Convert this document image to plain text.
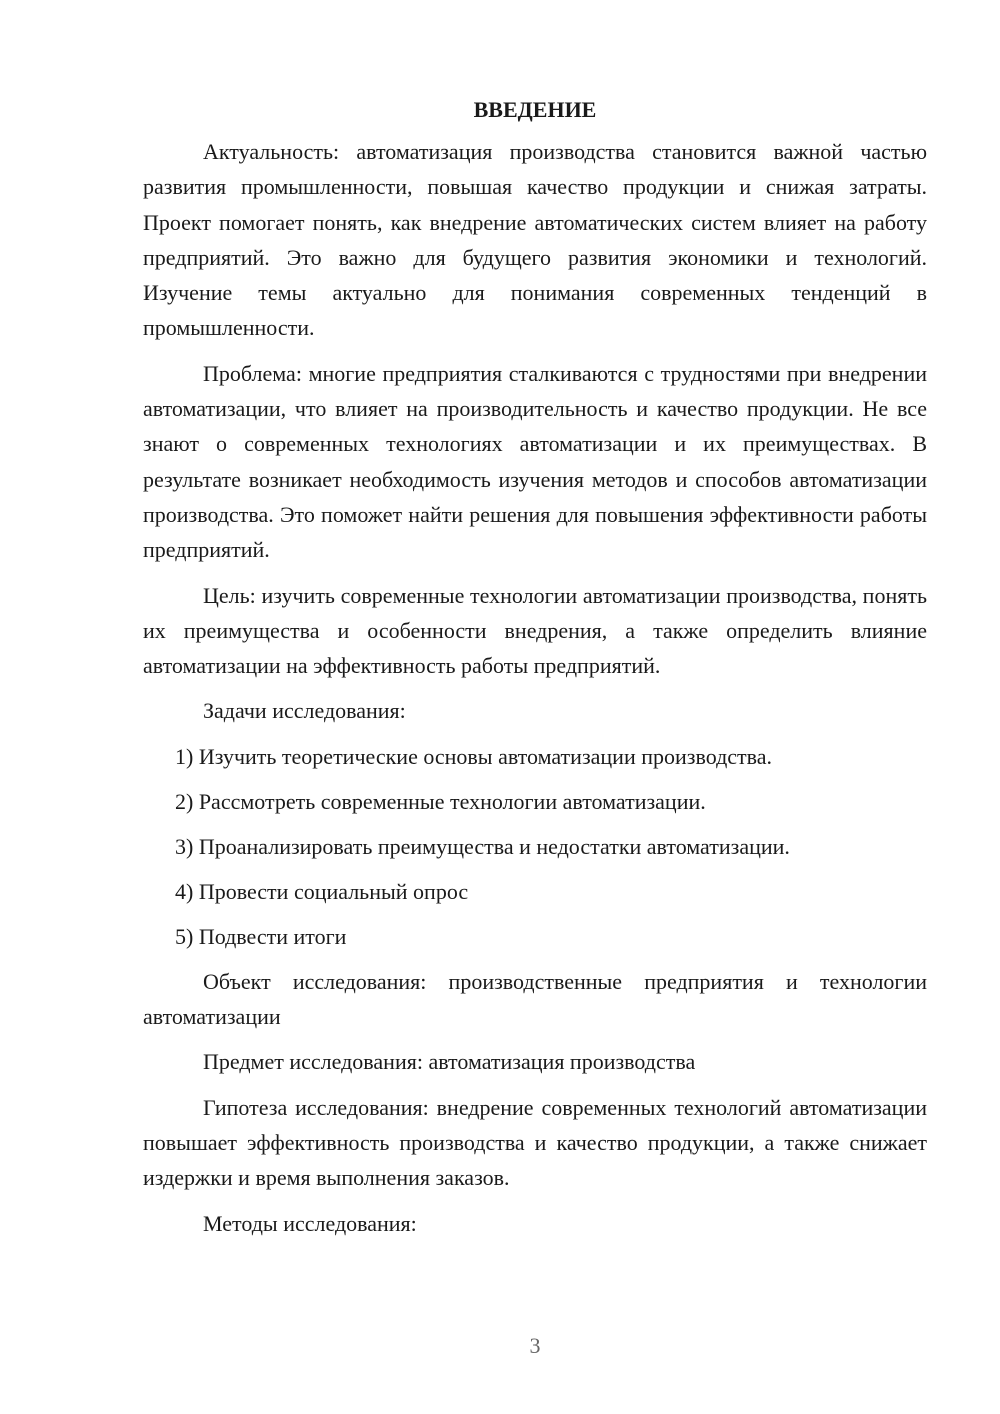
ВВЕДЕНИЕ

Актуальность: автоматизация производства становится важной частью развития промышленности, повышая качество продукции и снижая затраты. Проект помогает понять, как внедрение автоматических систем влияет на работу предприятий. Это важно для будущего развития экономики и технологий. Изучение темы актуально для понимания современных тенденций в промышленности.

Проблема: многие предприятия сталкиваются с трудностями при внедрении автоматизации, что влияет на производительность и качество продукции. Не все знают о современных технологиях автоматизации и их преимуществах. В результате возникает необходимость изучения методов и способов автоматизации производства. Это поможет найти решения для повышения эффективности работы предприятий.

Цель: изучить современные технологии автоматизации производства, понять их преимущества и особенности внедрения, а также определить влияние автоматизации на эффективность работы предприятий.

Задачи исследования:

1) Изучить теоретические основы автоматизации производства.
2) Рассмотреть современные технологии автоматизации.
3) Проанализировать преимущества и недостатки автоматизации.
4) Провести социальный опрос
5) Подвести итоги

Объект исследования: производственные предприятия и технологии автоматизации

Предмет исследования: автоматизация производства

Гипотеза исследования: внедрение современных технологий автоматизации повышает эффективность производства и качество продукции, а также снижает издержки и время выполнения заказов.

Методы исследования:

3
